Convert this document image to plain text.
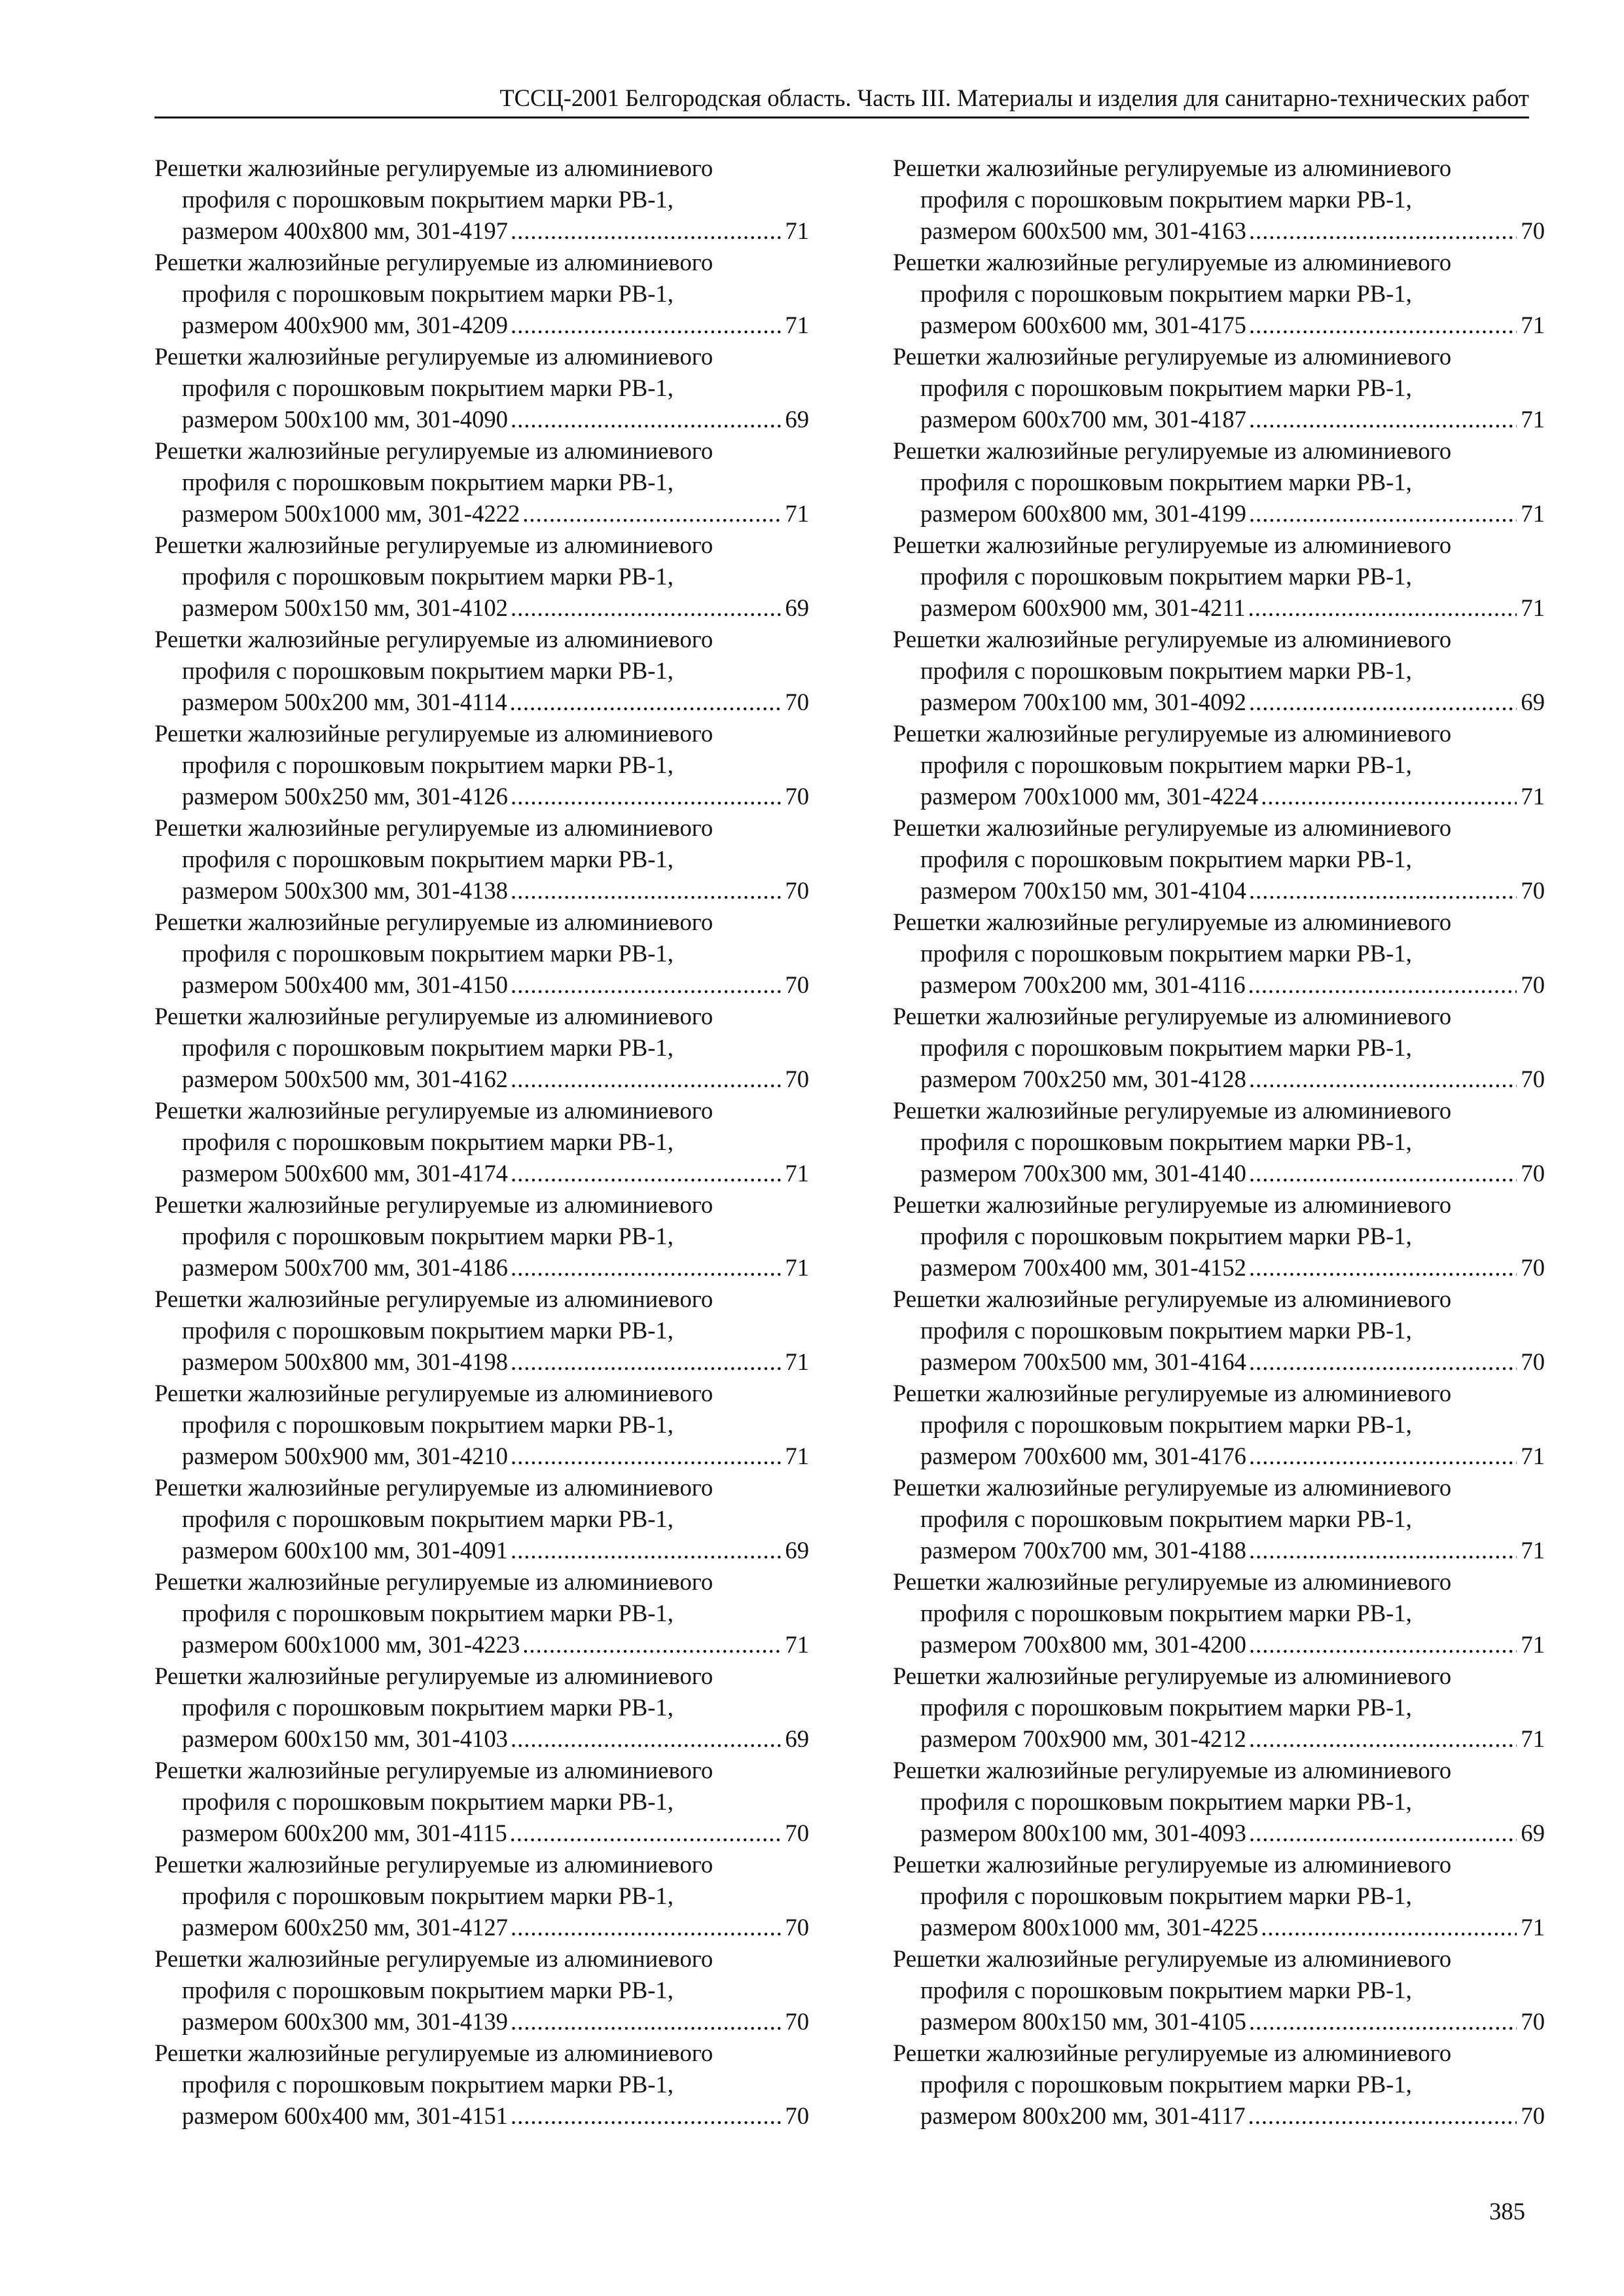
ТССЦ-2001 Белгородская область. Часть III. Материалы и изделия для санитарно-технических работ
Решетки жалюзийные регулируемые из алюминиевого
профиля с порошковым покрытием марки РВ-1,
размером 400х800 мм, 301-4197 .....	71
Решетки жалюзийные регулируемые из алюминиевого
профиля с порошковым покрытием марки РВ-1,
размером 400х900 мм, 301-4209 .....	71
Решетки жалюзийные регулируемые из алюминиевого
профиля с порошковым покрытием марки РВ-1,
размером 500х100 мм, 301-4090 .....	69
Решетки жалюзийные регулируемые из алюминиевого
профиля с порошковым покрытием марки РВ-1,
размером 500х1000 мм, 301-4222 .....	71
Решетки жалюзийные регулируемые из алюминиевого
профиля с порошковым покрытием марки РВ-1,
размером 500х150 мм, 301-4102 .....	69
Решетки жалюзийные регулируемые из алюминиевого
профиля с порошковым покрытием марки РВ-1,
размером 500х200 мм, 301-4114 .....	70
Решетки жалюзийные регулируемые из алюминиевого
профиля с порошковым покрытием марки РВ-1,
размером 500х250 мм, 301-4126 .....	70
Решетки жалюзийные регулируемые из алюминиевого
профиля с порошковым покрытием марки РВ-1,
размером 500х300 мм, 301-4138 .....	70
Решетки жалюзийные регулируемые из алюминиевого
профиля с порошковым покрытием марки РВ-1,
размером 500х400 мм, 301-4150 .....	70
Решетки жалюзийные регулируемые из алюминиевого
профиля с порошковым покрытием марки РВ-1,
размером 500х500 мм, 301-4162 .....	70
Решетки жалюзийные регулируемые из алюминиевого
профиля с порошковым покрытием марки РВ-1,
размером 500х600 мм, 301-4174 .....	71
Решетки жалюзийные регулируемые из алюминиевого
профиля с порошковым покрытием марки РВ-1,
размером 500х700 мм, 301-4186 .....	71
Решетки жалюзийные регулируемые из алюминиевого
профиля с порошковым покрытием марки РВ-1,
размером 500х800 мм, 301-4198 .....	71
Решетки жалюзийные регулируемые из алюминиевого
профиля с порошковым покрытием марки РВ-1,
размером 500х900 мм, 301-4210 .....	71
Решетки жалюзийные регулируемые из алюминиевого
профиля с порошковым покрытием марки РВ-1,
размером 600х100 мм, 301-4091 .....	69
Решетки жалюзийные регулируемые из алюминиевого
профиля с порошковым покрытием марки РВ-1,
размером 600х1000 мм, 301-4223 .....	71
Решетки жалюзийные регулируемые из алюминиевого
профиля с порошковым покрытием марки РВ-1,
размером 600х150 мм, 301-4103 .....	69
Решетки жалюзийные регулируемые из алюминиевого
профиля с порошковым покрытием марки РВ-1,
размером 600х200 мм, 301-4115 .....	70
Решетки жалюзийные регулируемые из алюминиевого
профиля с порошковым покрытием марки РВ-1,
размером 600х250 мм, 301-4127 .....	70
Решетки жалюзийные регулируемые из алюминиевого
профиля с порошковым покрытием марки РВ-1,
размером 600х300 мм, 301-4139 .....	70
Решетки жалюзийные регулируемые из алюминиевого
профиля с порошковым покрытием марки РВ-1,
размером 600х400 мм, 301-4151 .....	70
Решетки жалюзийные регулируемые из алюминиевого
профиля с порошковым покрытием марки РВ-1,
размером 600х500 мм, 301-4163 .....	70
Решетки жалюзийные регулируемые из алюминиевого
профиля с порошковым покрытием марки РВ-1,
размером 600х600 мм, 301-4175 .....	71
Решетки жалюзийные регулируемые из алюминиевого
профиля с порошковым покрытием марки РВ-1,
размером 600х700 мм, 301-4187 .....	71
Решетки жалюзийные регулируемые из алюминиевого
профиля с порошковым покрытием марки РВ-1,
размером 600х800 мм, 301-4199 .....	71
Решетки жалюзийные регулируемые из алюминиевого
профиля с порошковым покрытием марки РВ-1,
размером 600х900 мм, 301-4211 .....	71
Решетки жалюзийные регулируемые из алюминиевого
профиля с порошковым покрытием марки РВ-1,
размером 700х100 мм, 301-4092 .....	69
Решетки жалюзийные регулируемые из алюминиевого
профиля с порошковым покрытием марки РВ-1,
размером 700х1000 мм, 301-4224 .....	71
Решетки жалюзийные регулируемые из алюминиевого
профиля с порошковым покрытием марки РВ-1,
размером 700х150 мм, 301-4104 .....	70
Решетки жалюзийные регулируемые из алюминиевого
профиля с порошковым покрытием марки РВ-1,
размером 700х200 мм, 301-4116 .....	70
Решетки жалюзийные регулируемые из алюминиевого
профиля с порошковым покрытием марки РВ-1,
размером 700х250 мм, 301-4128 .....	70
Решетки жалюзийные регулируемые из алюминиевого
профиля с порошковым покрытием марки РВ-1,
размером 700х300 мм, 301-4140 .....	70
Решетки жалюзийные регулируемые из алюминиевого
профиля с порошковым покрытием марки РВ-1,
размером 700х400 мм, 301-4152 .....	70
Решетки жалюзийные регулируемые из алюминиевого
профиля с порошковым покрытием марки РВ-1,
размером 700х500 мм, 301-4164 .....	70
Решетки жалюзийные регулируемые из алюминиевого
профиля с порошковым покрытием марки РВ-1,
размером 700х600 мм, 301-4176 .....	71
Решетки жалюзийные регулируемые из алюминиевого
профиля с порошковым покрытием марки РВ-1,
размером 700х700 мм, 301-4188 .....	71
Решетки жалюзийные регулируемые из алюминиевого
профиля с порошковым покрытием марки РВ-1,
размером 700х800 мм, 301-4200 .....	71
Решетки жалюзийные регулируемые из алюминиевого
профиля с порошковым покрытием марки РВ-1,
размером 700х900 мм, 301-4212 .....	71
Решетки жалюзийные регулируемые из алюминиевого
профиля с порошковым покрытием марки РВ-1,
размером 800х100 мм, 301-4093 .....	69
Решетки жалюзийные регулируемые из алюминиевого
профиля с порошковым покрытием марки РВ-1,
размером 800х1000 мм, 301-4225 .....	71
Решетки жалюзийные регулируемые из алюминиевого
профиля с порошковым покрытием марки РВ-1,
размером 800х150 мм, 301-4105 .....	70
Решетки жалюзийные регулируемые из алюминиевого
профиля с порошковым покрытием марки РВ-1,
размером 800х200 мм, 301-4117 .....	70
385
